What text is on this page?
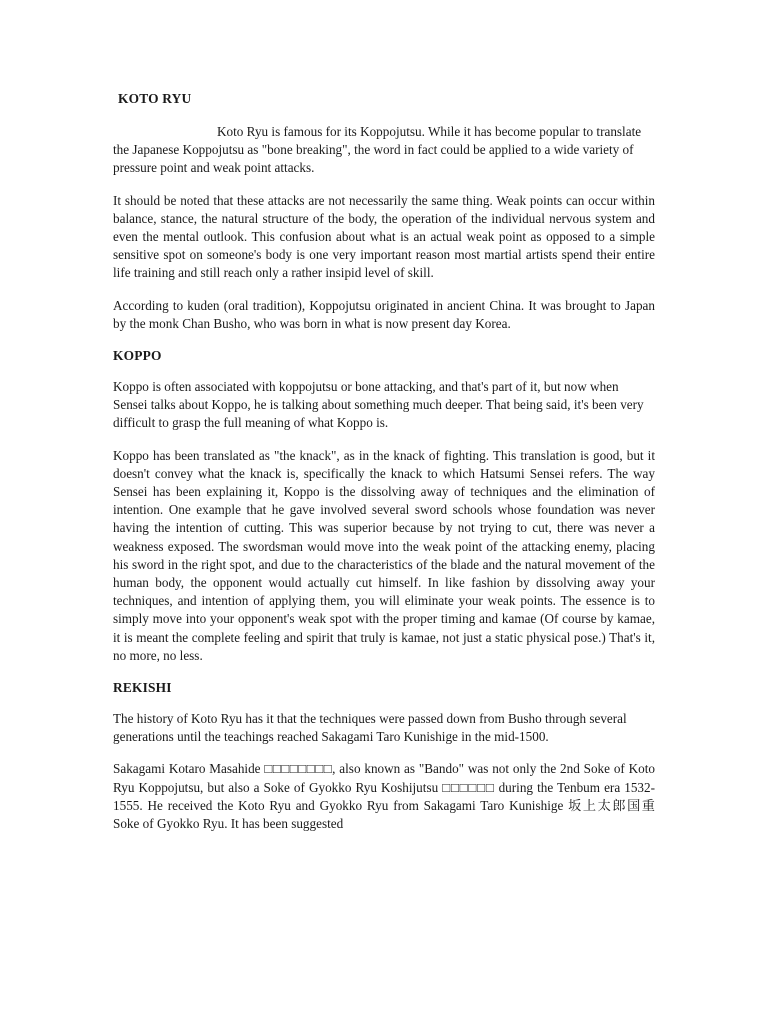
KOTO RYU

Koto Ryu is famous for its Koppojutsu. While it has become popular to translate the Japanese Koppojutsu as "bone breaking", the word in fact could be applied to a wide variety of pressure point and weak point attacks.

It should be noted that these attacks are not necessarily the same thing. Weak points can occur within balance, stance, the natural structure of the body, the operation of the individual nervous system and even the mental outlook. This confusion about what is an actual weak point as opposed to a simple sensitive spot on someone's body is one very important reason most martial artists spend their entire life training and still reach only a rather insipid level of skill.

According to kuden (oral tradition), Koppojutsu originated in ancient China. It was brought to Japan by the monk Chan Busho, who was born in what is now present day Korea.

KOPPO

Koppo is often associated with koppojutsu or bone attacking, and that's part of it, but now when Sensei talks about Koppo, he is talking about something much deeper. That being said, it's been very difficult to grasp the full meaning of what Koppo is.

Koppo has been translated as "the knack", as in the knack of fighting. This translation is good, but it doesn't convey what the knack is, specifically the knack to which Hatsumi Sensei refers. The way Sensei has been explaining it, Koppo is the dissolving away of techniques and the elimination of intention. One example that he gave involved several sword schools whose foundation was never having the intention of cutting. This was superior because by not trying to cut, there was never a weakness exposed. The swordsman would move into the weak point of the attacking enemy, placing his sword in the right spot, and due to the characteristics of the blade and the natural movement of the human body, the opponent would actually cut himself. In like fashion by dissolving away your techniques, and intention of applying them, you will eliminate your weak points. The essence is to simply move into your opponent's weak spot with the proper timing and kamae (Of course by kamae, it is meant the complete feeling and spirit that truly is kamae, not just a static physical pose.) That's it, no more, no less.

REKISHI

The history of Koto Ryu has it that the techniques were passed down from Busho through several generations until the teachings reached Sakagami Taro Kunishige in the mid-1500.

Sakagami Kotaro Masahide □□□□□□□□, also known as "Bando" was not only the 2nd Soke of Koto Ryu Koppojutsu, but also a Soke of Gyokko Ryu Koshijutsu □□□□□□ during the Tenbum era 1532-1555. He received the Koto Ryu and Gyokko Ryu from Sakagami Taro Kunishige 坂上太郎国重 Soke of Gyokko Ryu. It has been suggested
